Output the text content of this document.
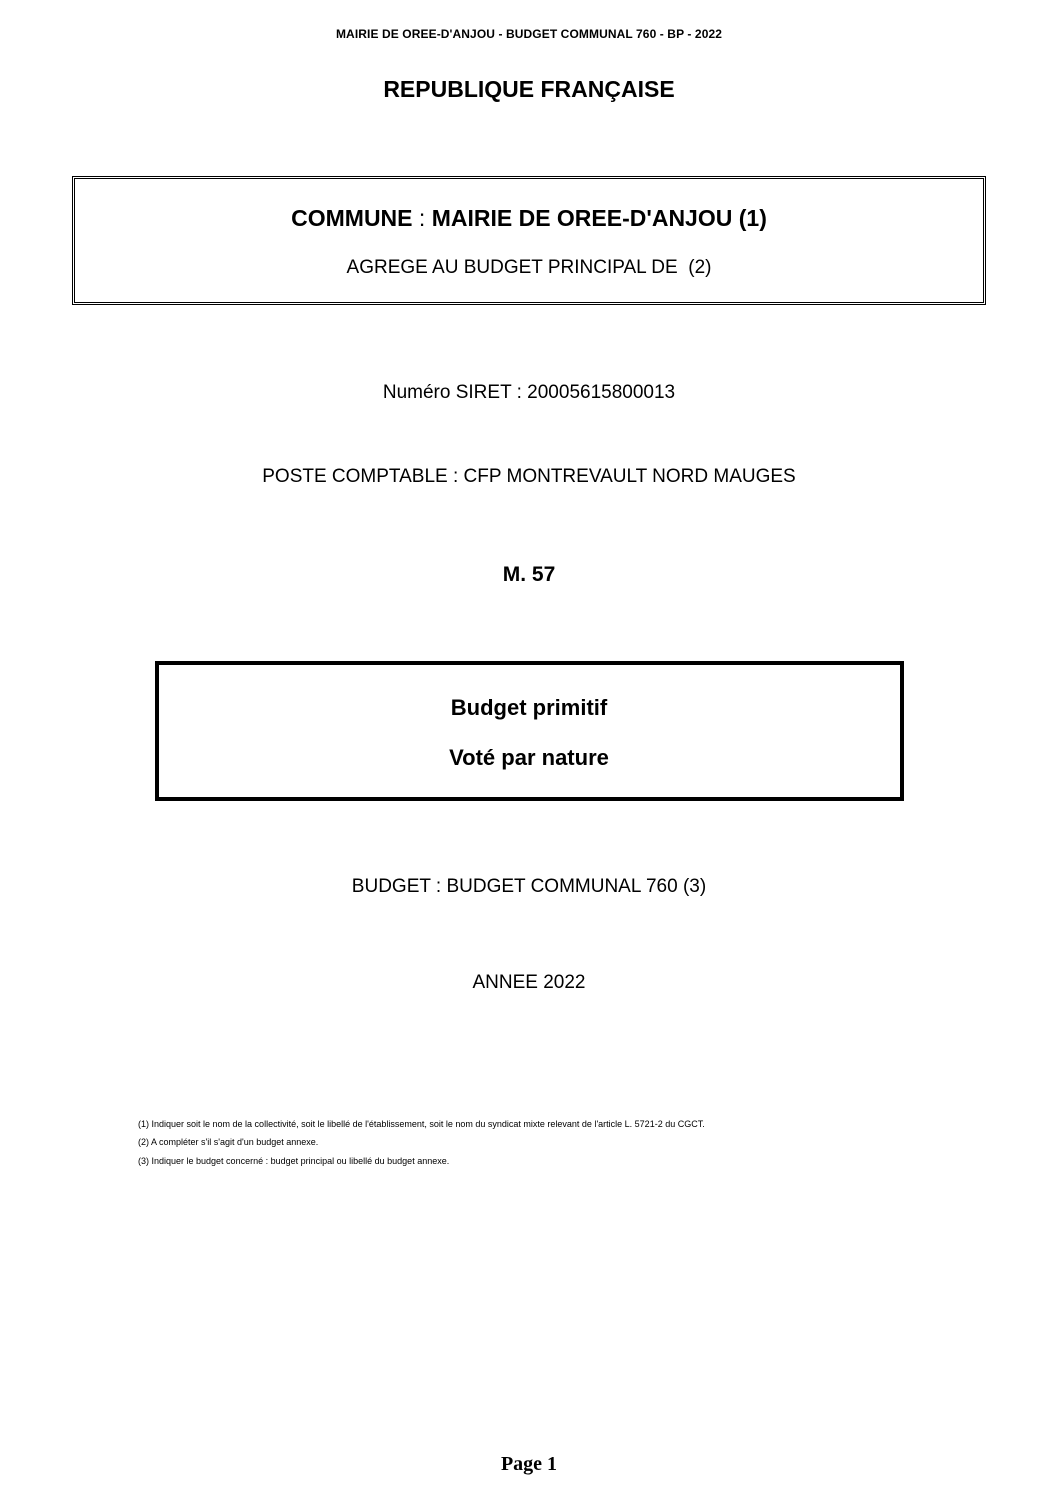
MAIRIE DE OREE-D'ANJOU - BUDGET COMMUNAL 760 - BP - 2022
REPUBLIQUE FRANÇAISE
COMMUNE : MAIRIE DE OREE-D'ANJOU (1)
AGREGE AU BUDGET PRINCIPAL DE  (2)
Numéro SIRET : 20005615800013
POSTE COMPTABLE : CFP MONTREVAULT NORD MAUGES
M. 57
Budget primitif
Voté par nature
BUDGET : BUDGET COMMUNAL 760 (3)
ANNEE 2022
(1) Indiquer soit le nom de la collectivité, soit le libellé de l'établissement, soit le nom du syndicat mixte relevant de l'article L. 5721-2 du CGCT.
(2) A compléter s'il s'agit d'un budget annexe.
(3) Indiquer le budget concerné : budget principal ou libellé du budget annexe.
Page 1
